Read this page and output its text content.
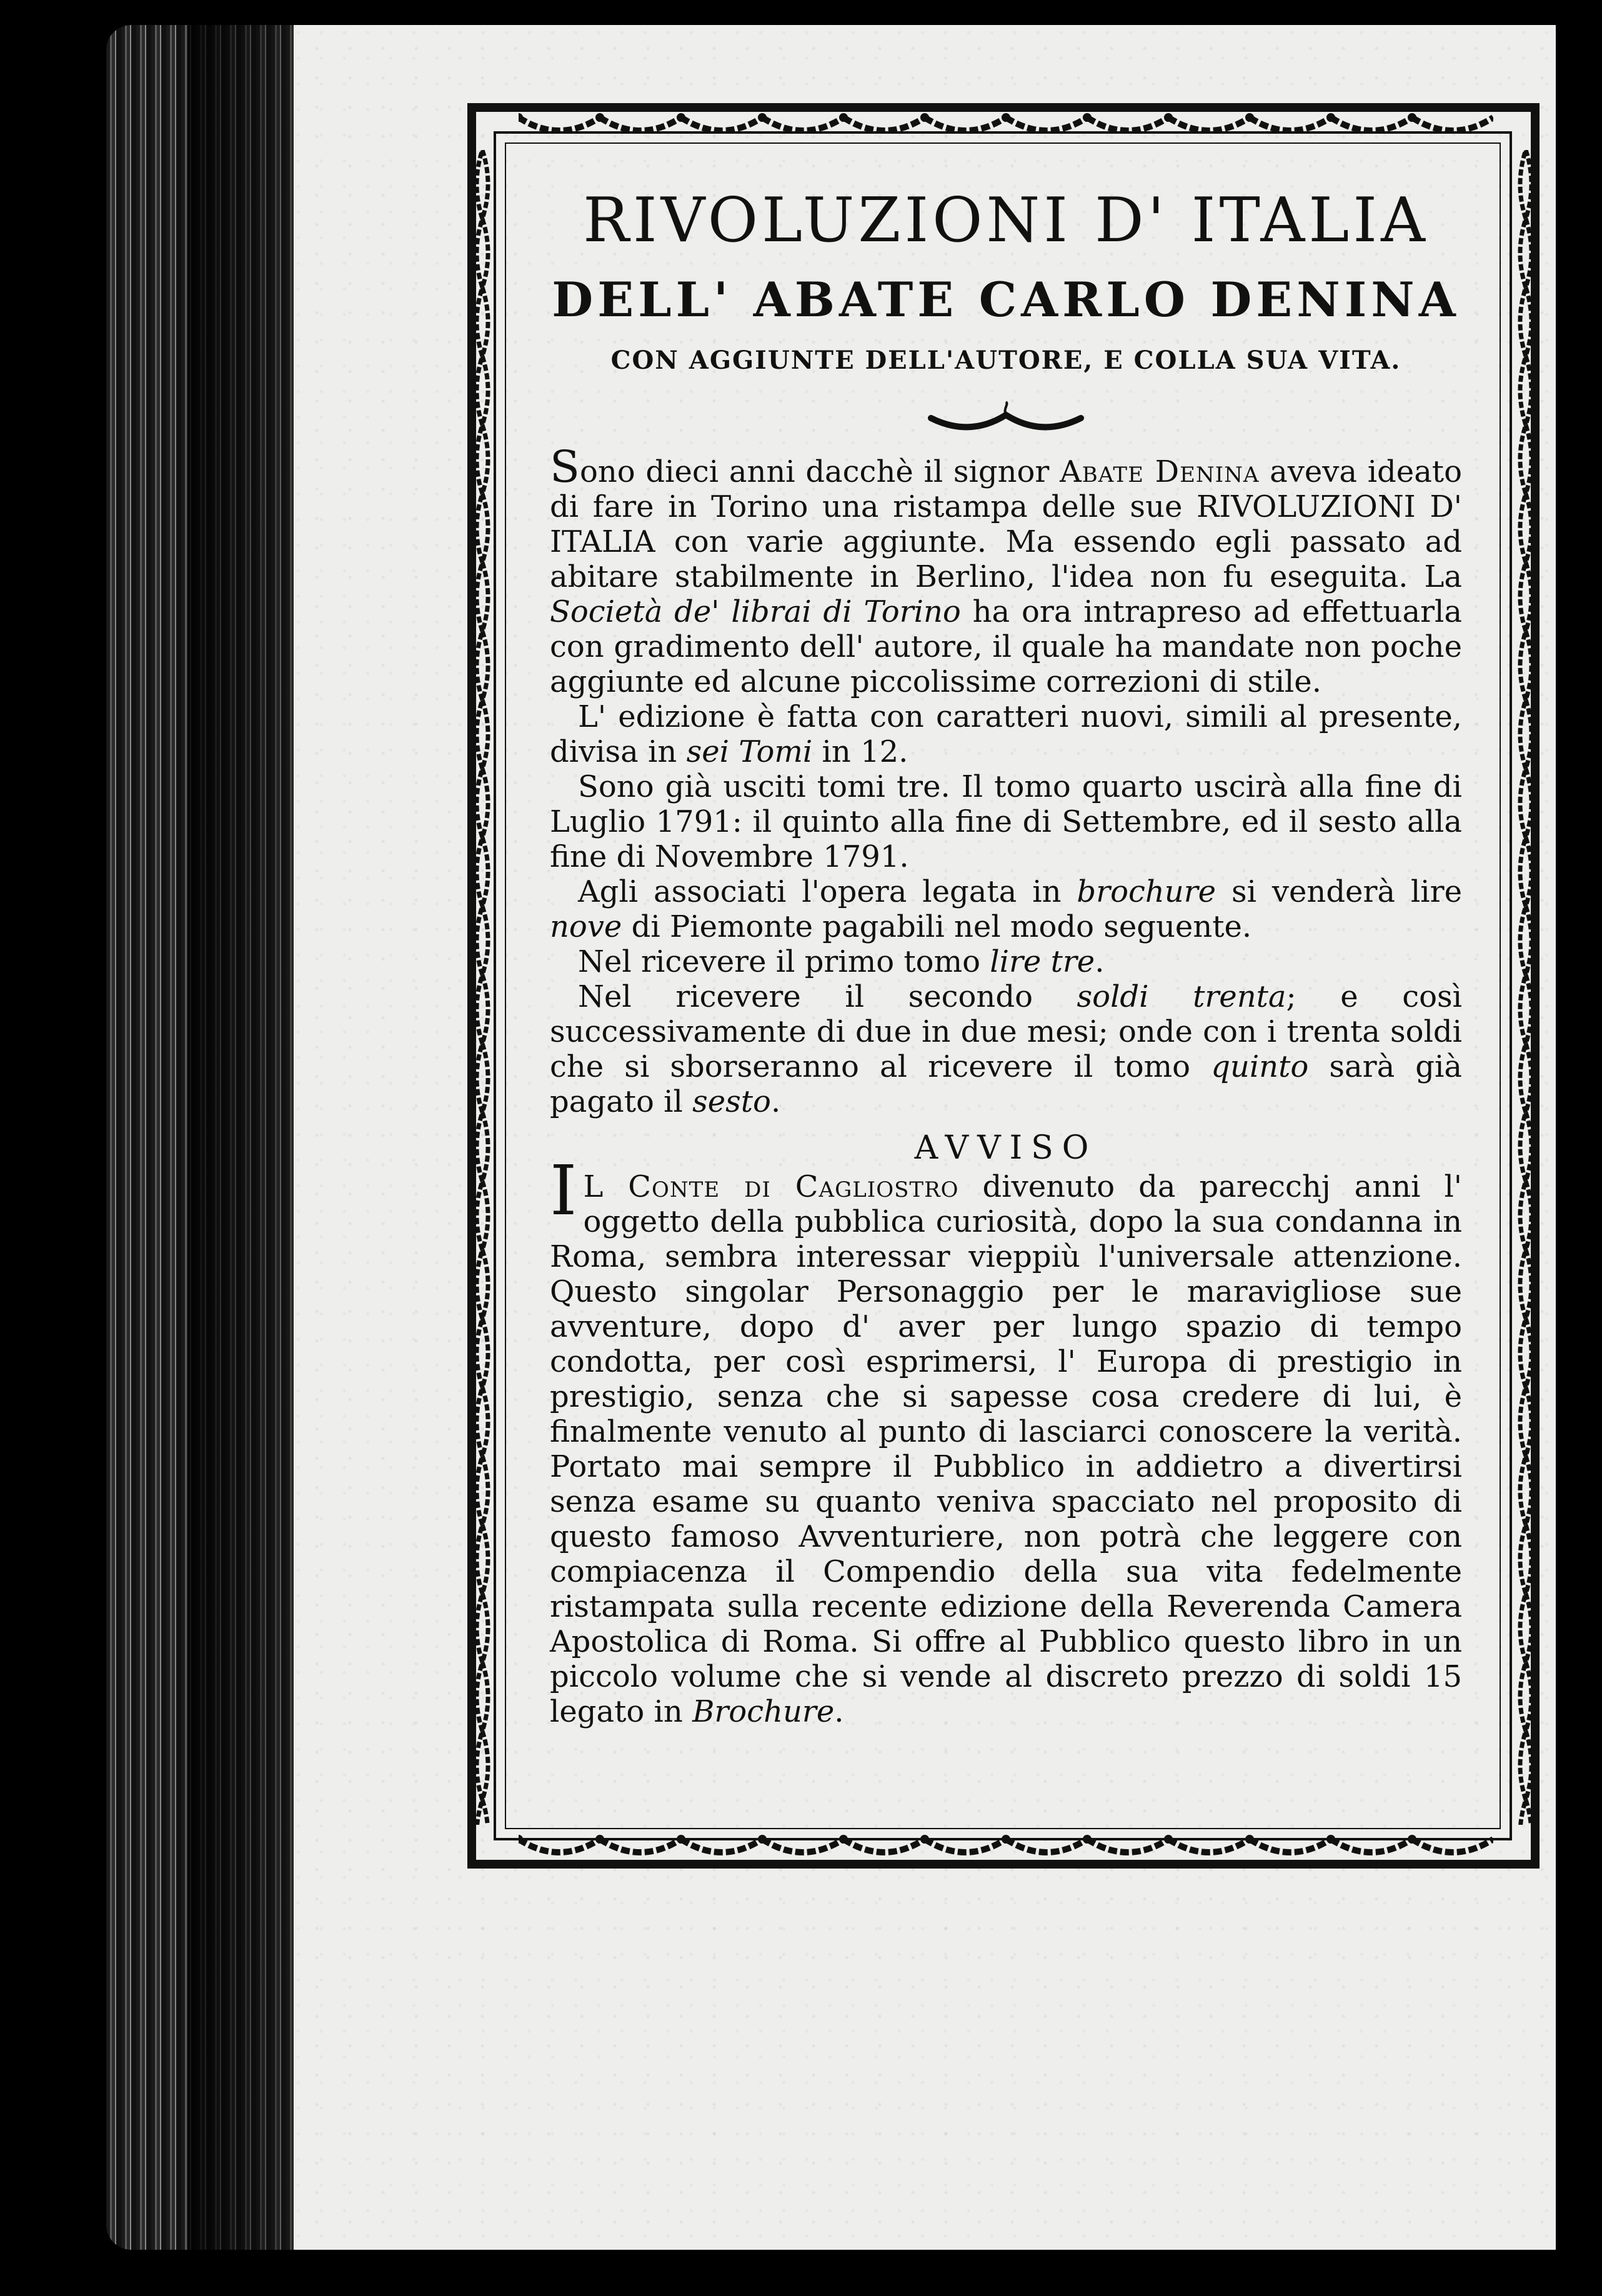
RIVOLUZIONI D' ITALIA
DELL' ABATE CARLO DENINA
CON AGGIUNTE DELL'AUTORE, E COLLA SUA VITA.

Sono dieci anni dacchè il signor Abate Denina aveva ideato di fare in Torino una ristampa delle sue RIVOLUZIONI D' ITALIA con varie aggiunte. Ma essendo egli passato ad abitare stabilmente in Berlino, l'idea non fu eseguita. La Società de' librai di Torino ha ora intrapreso ad effettuarla con gradimento dell' autore, il quale ha mandate non poche aggiunte ed alcune piccolissime correzioni di stile.

L' edizione è fatta con caratteri nuovi, simili al presente, divisa in sei Tomi in 12.

Sono già usciti tomi tre. Il tomo quarto uscirà alla fine di Luglio 1791: il quinto alla fine di Settembre, ed il sesto alla fine di Novembre 1791.

Agli associati l'opera legata in brochure si venderà lire nove di Piemonte pagabili nel modo seguente.

Nel ricevere il primo tomo lire tre.

Nel ricevere il secondo soldi trenta; e così successivamente di due in due mesi; onde con i trenta soldi che si sborseranno al ricevere il tomo quinto sarà già pagato il sesto.

AVVISO

I L Conte di Cagliostro divenuto da parecchj anni l' oggetto della pubblica curiosità, dopo la sua condanna in Roma, sembra interessar vieppiù l'universale attenzione. Questo singolar Personaggio per le maravigliose sue avventure, dopo d' aver per lungo spazio di tempo condotta, per così esprimersi, l' Europa di prestigio in prestigio, senza che si sapesse cosa credere di lui, è finalmente venuto al punto di lasciarci conoscere la verità. Portato mai sempre il Pubblico in addietro a divertirsi senza esame su quanto veniva spacciato nel proposito di questo famoso Avventuriere, non potrà che leggere con compiacenza il Compendio della sua vita fedelmente ristampata sulla recente edizione della Reverenda Camera Apostolica di Roma. Si offre al Pubblico questo libro in un piccolo volume che si vende al discreto prezzo di soldi 15 legato in Brochure.
